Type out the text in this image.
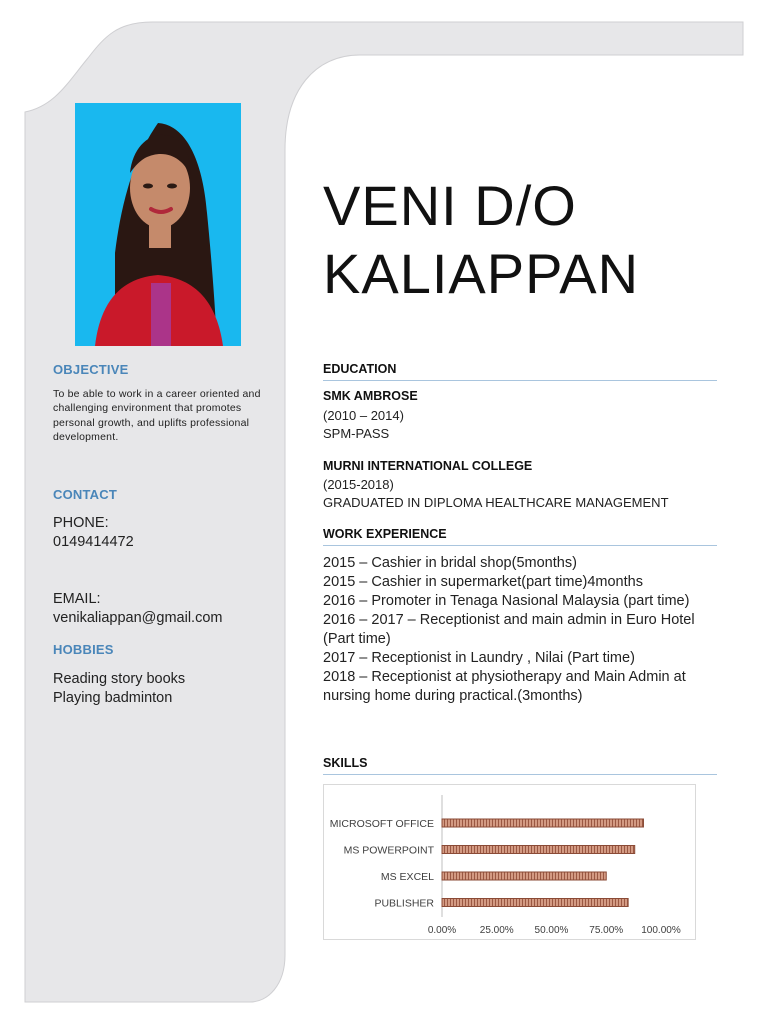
OBJECTIVE
To be able to work in a career oriented and challenging environment that promotes personal growth, and uplifts professional development.
CONTACT
PHONE:
0149414472
EMAIL:
venikaliappan@gmail.com
HOBBIES
Reading story books
Playing badminton
VENI D/O
KALIAPPAN
EDUCATION
SMK AMBROSE
(2010 – 2014)
SPM-PASS
MURNI INTERNATIONAL COLLEGE
(2015-2018)
GRADUATED IN DIPLOMA HEALTHCARE MANAGEMENT
WORK EXPERIENCE
2015 – Cashier in bridal shop(5months)
2015 – Cashier in supermarket(part time)4months
2016 – Promoter in Tenaga Nasional Malaysia (part time)
2016 – 2017 – Receptionist and main admin in Euro Hotel (Part time)
2017 – Receptionist in Laundry , Nilai (Part time)
2018 – Receptionist at physiotherapy and Main Admin at nursing home during practical.(3months)
SKILLS
MICROSOFT OFFICE
MS POWERPOINT
MS EXCEL
PUBLISHER
0.00% 25.00% 50.00% 75.00% 100.00%
